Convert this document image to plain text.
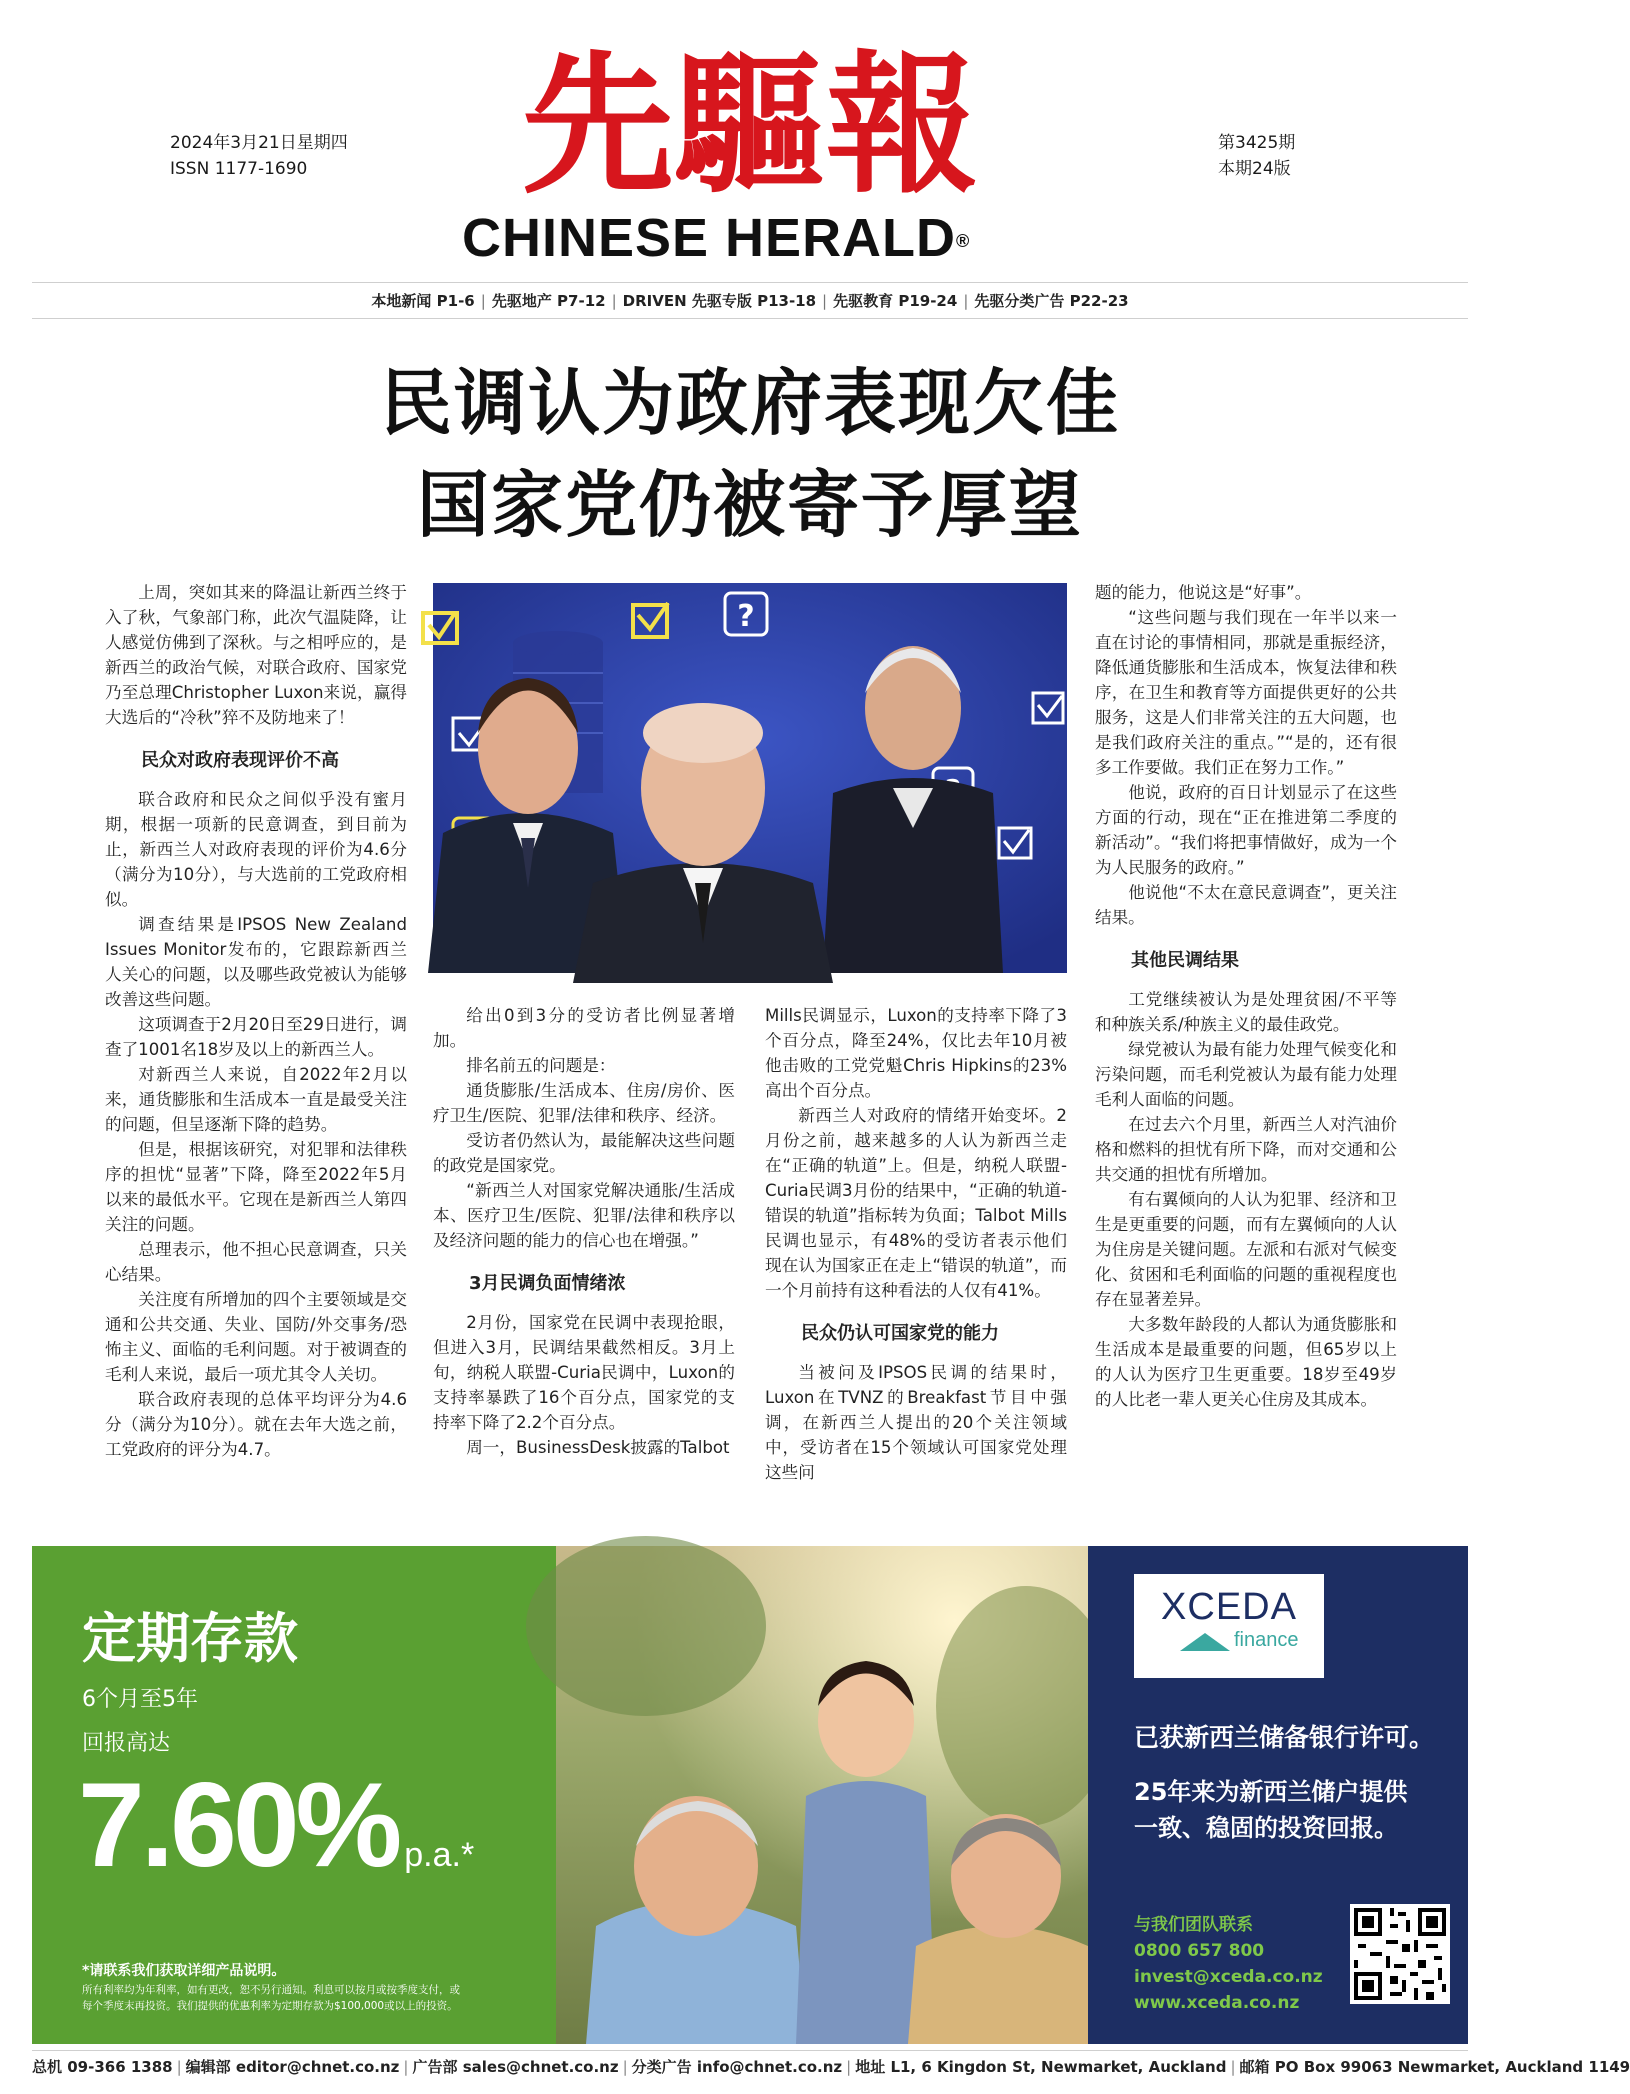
2024年3月21日星期四
ISSN 1177-1690 先驅報
CHINESE HERALD®
第3425期
本期24版
本地新闻 P1-6 | 先驱地产 P7-12 | DRIVEN 先驱专版 P13-18 | 先驱教育 P19-24 | 先驱分类广告 P22-23
民调认为政府表现欠佳
国家党仍被寄予厚望

上周，突如其来的降温让新西兰终于入了秋，气象部门称，此次气温陡降，让人感觉仿佛到了深秋。与之相呼应的，是新西兰的政治气候，对联合政府、国家党乃至总理Christopher Luxon来说，赢得大选后的“冷秋”猝不及防地来了！

民众对政府表现评价不高

联合政府和民众之间似乎没有蜜月期，根据一项新的民意调查，到目前为止，新西兰人对政府表现的评价为4.6分（满分为10分），与大选前的工党政府相似。

调查结果是IPSOS New Zealand Issues Monitor发布的，它跟踪新西兰人关心的问题，以及哪些政党被认为能够改善这些问题。

这项调查于2月20日至29日进行，调查了1001名18岁及以上的新西兰人。

对新西兰人来说，自2022年2月以来，通货膨胀和生活成本一直是最受关注的问题，但呈逐渐下降的趋势。

但是，根据该研究，对犯罪和法律秩序的担忧“显著”下降，降至2022年5月以来的最低水平。它现在是新西兰人第四关注的问题。

总理表示，他不担心民意调查，只关心结果。

关注度有所增加的四个主要领域是交通和公共交通、失业、国防/外交事务/恐怖主义、面临的毛利问题。对于被调查的毛利人来说，最后一项尤其令人关切。

联合政府表现的总体平均评分为4.6分（满分为10分）。就在去年大选之前，工党政府的评分为4.7。

?

给出0到3分的受访者比例显著增加。

排名前五的问题是：

通货膨胀/生活成本、住房/房价、医疗卫生/医院、犯罪/法律和秩序、经济。

受访者仍然认为，最能解决这些问题的政党是国家党。

“新西兰人对国家党解决通胀/生活成本、医疗卫生/医院、犯罪/法律和秩序以及经济问题的能力的信心也在增强。”

3月民调负面情绪浓

2月份，国家党在民调中表现抢眼，但进入3月，民调结果截然相反。3月上旬，纳税人联盟-Curia民调中，Luxon的支持率暴跌了16个百分点，国家党的支持率下降了2.2个百分点。

周一，BusinessDesk披露的Talbot

Mills民调显示，Luxon的支持率下降了3个百分点，降至24%，仅比去年10月被他击败的工党党魁Chris Hipkins的23%高出个百分点。

新西兰人对政府的情绪开始变坏。2月份之前，越来越多的人认为新西兰走在“正确的轨道”上。但是，纳税人联盟-Curia民调3月份的结果中，“正确的轨道-错误的轨道”指标转为负面；Talbot Mills民调也显示，有48%的受访者表示他们现在认为国家正在走上“错误的轨道”，而一个月前持有这种看法的人仅有41%。

民众仍认可国家党的能力

当被问及IPSOS民调的结果时，Luxon在TVNZ的Breakfast节目中强调，在新西兰人提出的20个关注领域中，受访者在15个领域认可国家党处理这些问

题的能力，他说这是“好事”。

“这些问题与我们现在一年半以来一直在讨论的事情相同，那就是重振经济，降低通货膨胀和生活成本，恢复法律和秩序，在卫生和教育等方面提供更好的公共服务，这是人们非常关注的五大问题，也是我们政府关注的重点。”“是的，还有很多工作要做。我们正在努力工作。”

他说，政府的百日计划显示了在这些方面的行动，现在“正在推进第二季度的新活动”。“我们将把事情做好，成为一个为人民服务的政府。”

他说他“不太在意民意调查”，更关注结果。

其他民调结果

工党继续被认为是处理贫困/不平等和种族关系/种族主义的最佳政党。

绿党被认为最有能力处理气候变化和污染问题，而毛利党被认为最有能力处理毛利人面临的问题。

在过去六个月里，新西兰人对汽油价格和燃料的担忧有所下降，而对交通和公共交通的担忧有所增加。

有右翼倾向的人认为犯罪、经济和卫生是更重要的问题，而有左翼倾向的人认为住房是关键问题。左派和右派对气候变化、贫困和毛利面临的问题的重视程度也存在显著差异。

大多数年龄段的人都认为通货膨胀和生活成本是最重要的问题，但65岁以上的人认为医疗卫生更重要。18岁至49岁的人比老一辈人更关心住房及其成本。

定期存款
6个月至5年
回报高达
7.60% p.a.*
*请联系我们获取详细产品说明。
所有利率均为年利率，如有更改，恕不另行通知。利息可以按月或按季度支付，或
每个季度末再投资。我们提供的优惠利率为定期存款为$100,000或以上的投资。
XCEDA
finance
已获新西兰储备银行许可。
25年来为新西兰储户提供
一致、稳固的投资回报。
与我们团队联系
0800 657 800
invest@xceda.co.nz
www.xceda.co.nz
总机 09-366 1388 | 编辑部 editor@chnet.co.nz | 广告部 sales@chnet.co.nz | 分类广告 info@chnet.co.nz | 地址 L1, 6 Kingdon St, Newmarket, Auckland | 邮箱 PO Box 99063 Newmarket, Auckland 1149
